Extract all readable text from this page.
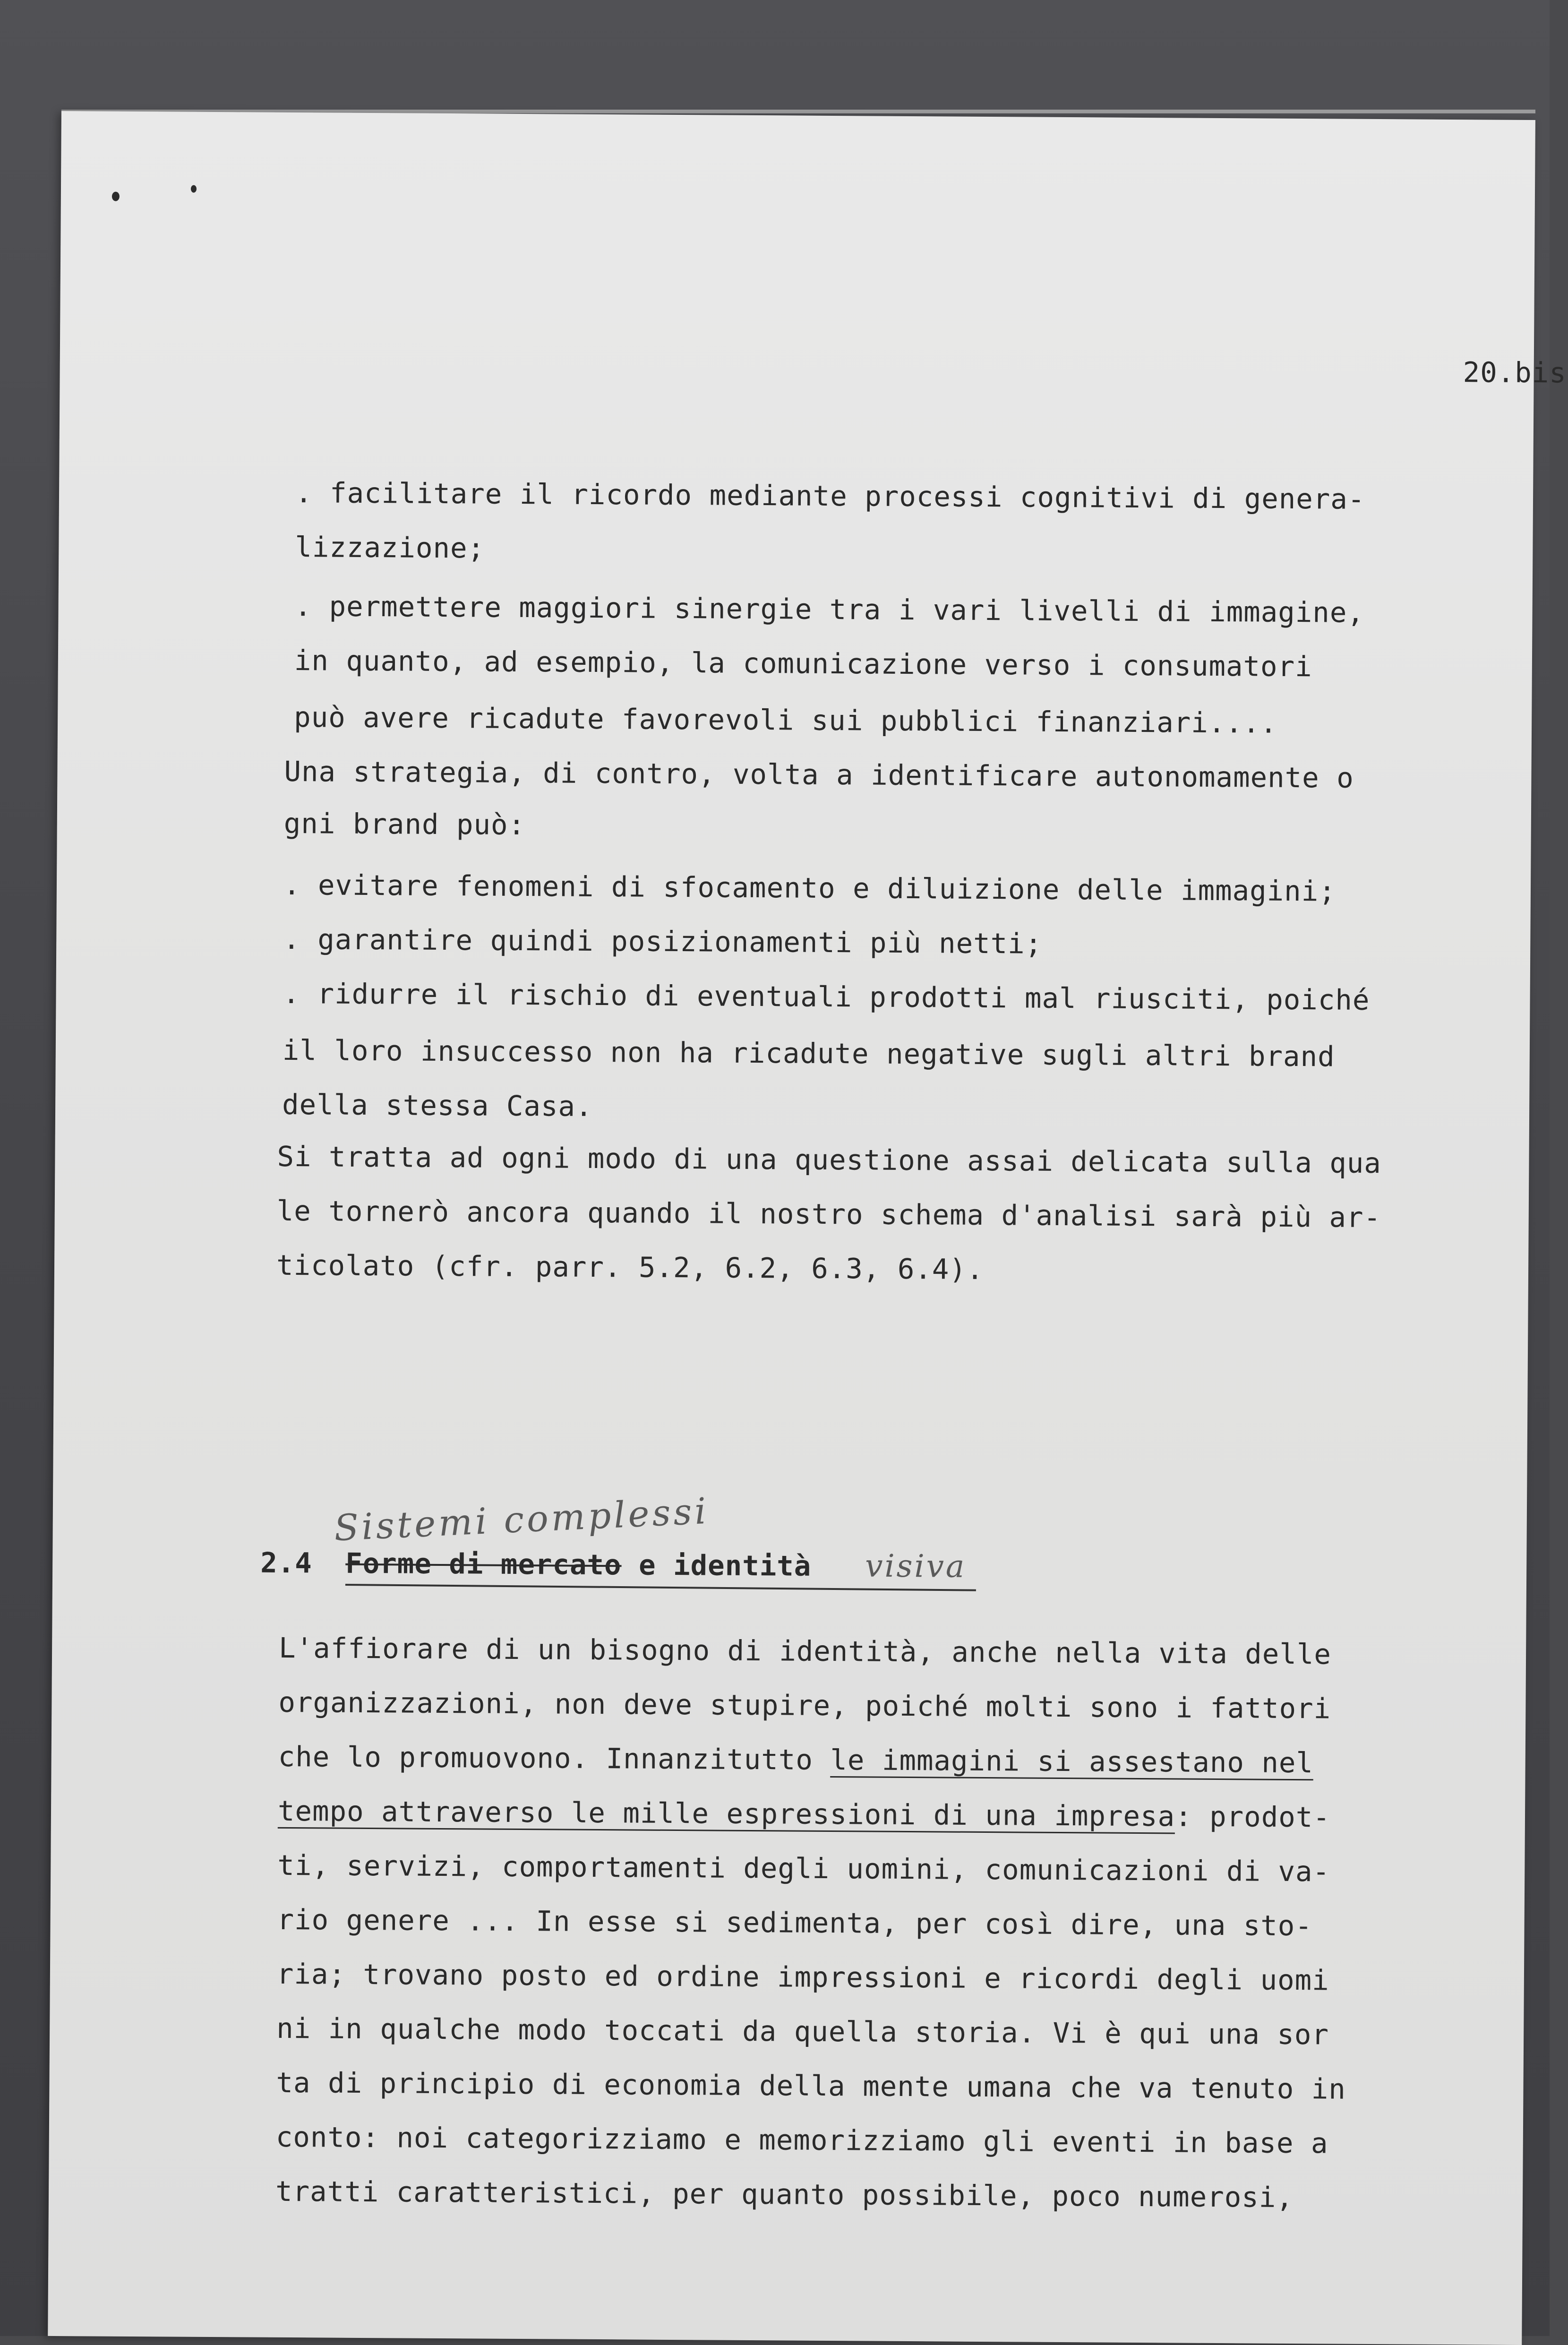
20.bis
. facilitare il ricordo mediante processi cognitivi di genera-
lizzazione;
. permettere maggiori sinergie tra i vari livelli di immagine,
in quanto, ad esempio, la comunicazione verso i consumatori
può avere ricadute favorevoli sui pubblici finanziari....
Una strategia, di contro, volta a identificare autonomamente o
gni brand può:
. evitare fenomeni di sfocamento e diluizione delle immagini;
. garantire quindi posizionamenti più netti;
. ridurre il rischio di eventuali prodotti mal riusciti, poiché
il loro insuccesso non ha ricadute negative sugli altri brand
della stessa Casa.
Si tratta ad ogni modo di una questione assai delicata sulla qua
le tornerò ancora quando il nostro schema d'analisi sarà più ar-
ticolato (cfr. parr. 5.2, 6.2, 6.3, 6.4).
Sistemi complessi
2.4 Forme di mercato e identità visiva
L'affiorare di un bisogno di identità, anche nella vita delle
organizzazioni, non deve stupire, poiché molti sono i fattori
che lo promuovono. Innanzitutto le immagini si assestano nel
tempo attraverso le mille espressioni di una impresa: prodot-
ti, servizi, comportamenti degli uomini, comunicazioni di va-
rio genere ... In esse si sedimenta, per così dire, una sto-
ria; trovano posto ed ordine impressioni e ricordi degli uomi
ni in qualche modo toccati da quella storia. Vi è qui una sor
ta di principio di economia della mente umana che va tenuto in
conto: noi categorizziamo e memorizziamo gli eventi in base a
tratti caratteristici, per quanto possibile, poco numerosi,
